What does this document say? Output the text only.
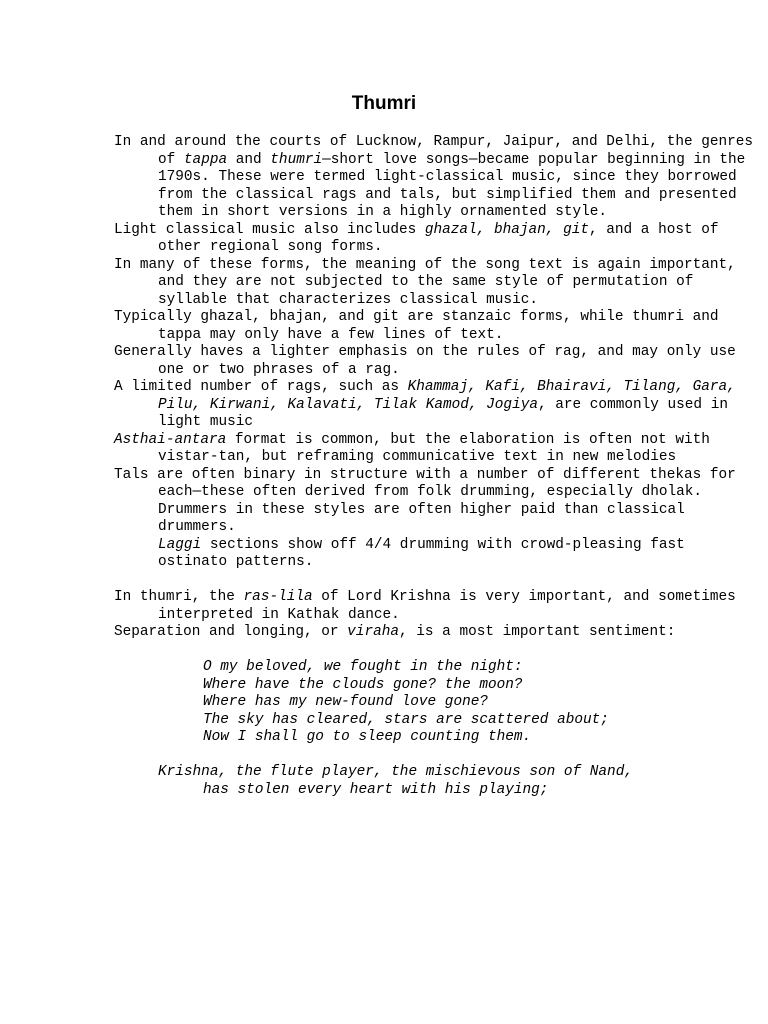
Thumri

In and around the courts of Lucknow, Rampur, Jaipur, and Delhi, the genres of tappa and thumri—short love songs—became popular beginning in the 1790s. These were termed light-classical music, since they borrowed from the classical rags and tals, but simplified them and presented them in short versions in a highly ornamented style.

Light classical music also includes ghazal, bhajan, git, and a host of other regional song forms.

In many of these forms, the meaning of the song text is again important, and they are not subjected to the same style of permutation of syllable that characterizes classical music.

Typically ghazal, bhajan, and git are stanzaic forms, while thumri and tappa may only have a few lines of text.

Generally haves a lighter emphasis on the rules of rag, and may only use one or two phrases of a rag.

A limited number of rags, such as Khammaj, Kafi, Bhairavi, Tilang, Gara, Pilu, Kirwani, Kalavati, Tilak Kamod, Jogiya, are commonly used in light music

Asthai-antara format is common, but the elaboration is often not with vistar-tan, but reframing communicative text in new melodies

Tals are often binary in structure with a number of different thekas for each—these often derived from folk drumming, especially dholak.

Drummers in these styles are often higher paid than classical drummers.

Laggi sections show off 4/4 drumming with crowd-pleasing fast ostinato patterns.

In thumri, the ras-lila of Lord Krishna is very important, and sometimes interpreted in Kathak dance.

Separation and longing, or viraha, is a most important sentiment:

O my beloved, we fought in the night:

Where have the clouds gone? the moon?

Where has my new-found love gone?

The sky has cleared, stars are scattered about;

Now I shall go to sleep counting them.

Krishna, the flute player, the mischievous son of Nand,

has stolen every heart with his playing;
